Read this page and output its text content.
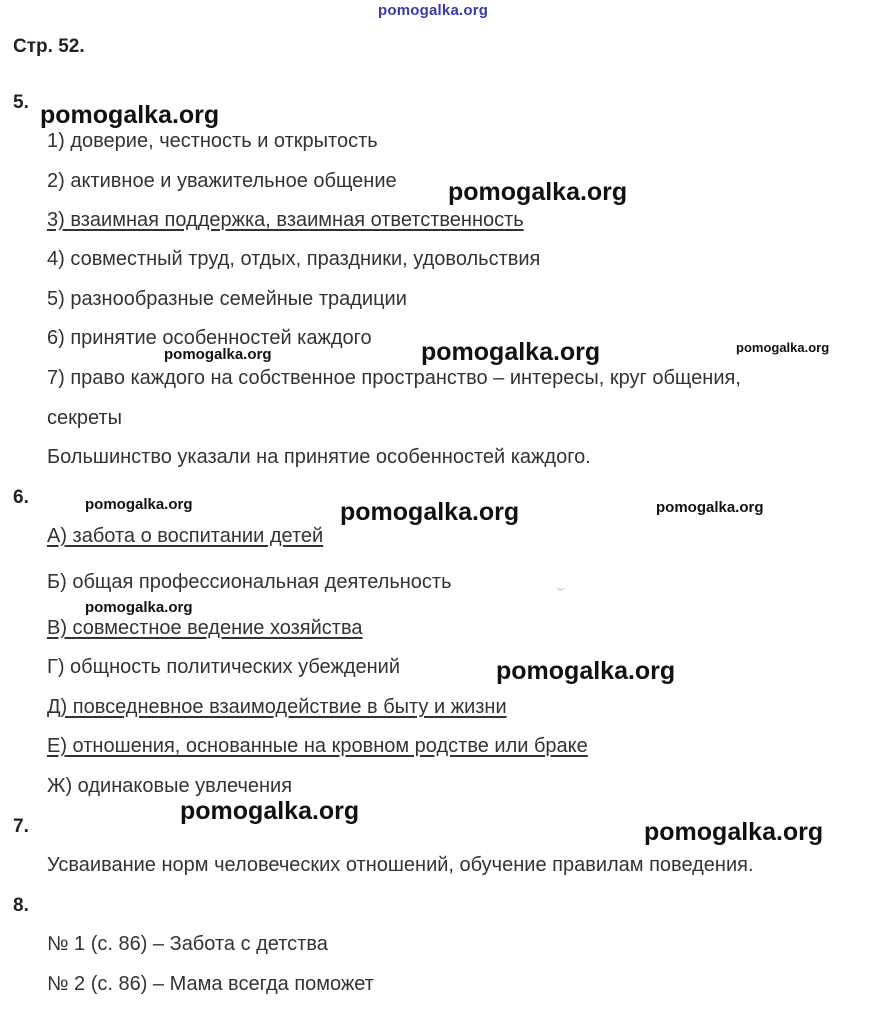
pomogalka.org
Стр. 52.
5.
1) доверие, честность и открытость
2) активное и уважительное общение
3) взаимная поддержка, взаимная ответственность
4) совместный труд, отдых, праздники, удовольствия
5) разнообразные семейные традиции
6) принятие особенностей каждого
7) право каждого на собственное пространство – интересы, круг общения,
секреты
Большинство указали на принятие особенностей каждого.
6.
А) забота о воспитании детей
Б) общая профессиональная деятельность
В) совместное ведение хозяйства
Г) общность политических убеждений
Д) повседневное взаимодействие в быту и жизни
Е) отношения, основанные на кровном родстве или браке
Ж) одинаковые увлечения
7.
Усваивание норм человеческих отношений, обучение правилам поведения.
8.
№ 1 (с. 86) – Забота с детства
№ 2 (с. 86) – Мама всегда поможет
pomogalka.org
pomogalka.org
pomogalka.org	pomogalka.org	pomogalka.org
pomogalka.org	pomogalka.org	pomogalka.org
pomogalka.org
pomogalka.org
pomogalka.org
pomogalka.org
